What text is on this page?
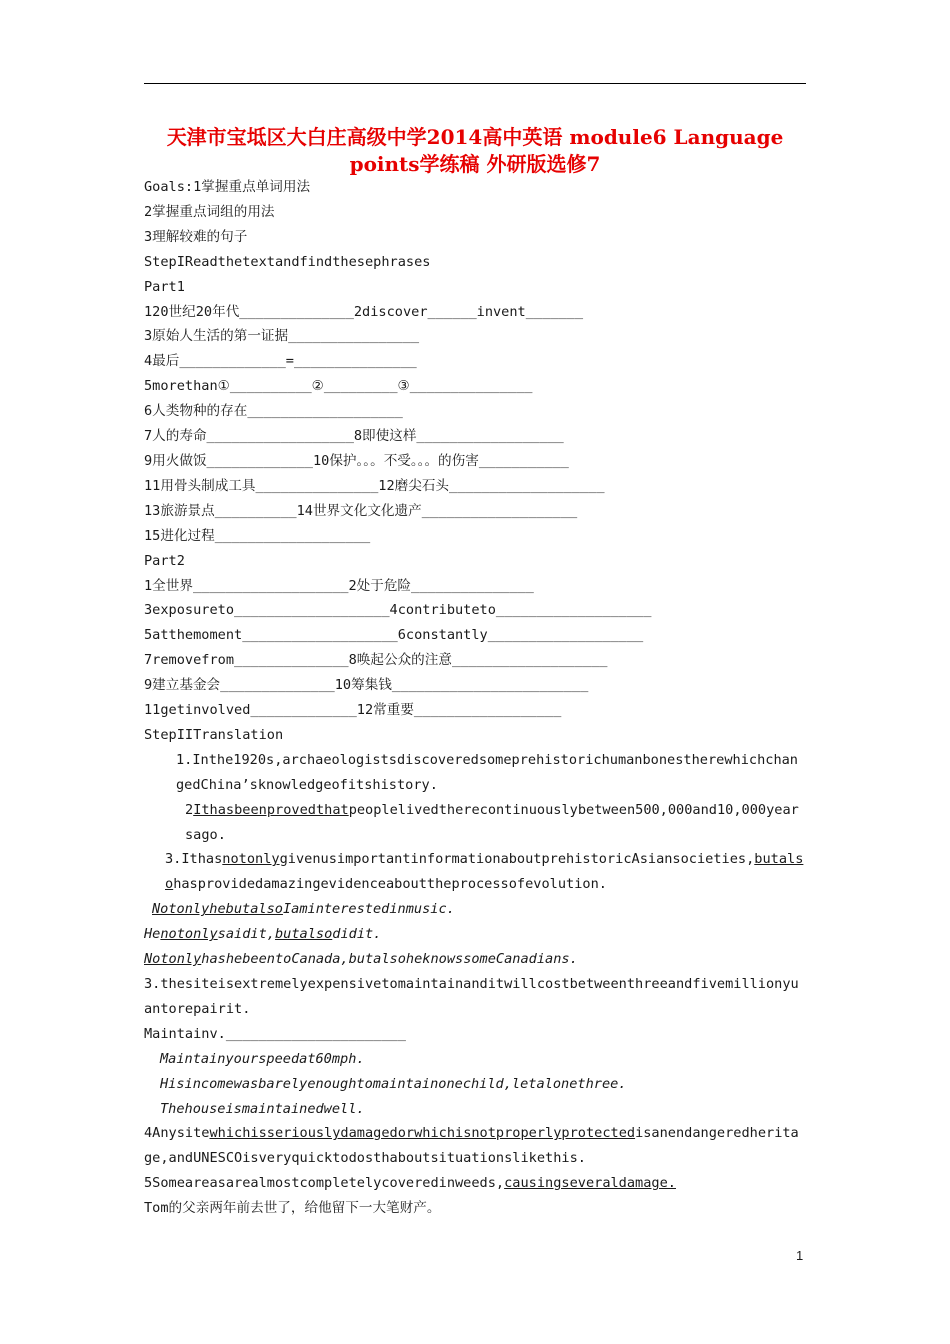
天津市宝坻区大白庄高级中学2014高中英语 module6 Language
points学练稿 外研版选修7
Goals:1掌握重点单词用法
2掌握重点词组的用法
3理解较难的句子
StepIReadthetextandfindthesephrases
Part1
120世纪20年代______________2discover______invent_______
3原始人生活的第一证据________________
4最后_____________=_______________
5morethan①__________②_________③_______________
6人类物种的存在___________________
7人的寿命__________________8即使这样__________________
9用火做饭_____________10保护。。。不受。。。的伤害___________
11用骨头制成工具_______________12磨尖石头___________________
13旅游景点__________14世界文化文化遗产___________________
15进化过程___________________
Part2
1全世界___________________2处于危险_______________
3exposureto___________________4contributeto___________________
5atthemoment___________________6constantly___________________
7removefrom______________8唤起公众的注意___________________
9建立基金会______________10筹集钱________________________
11getinvolved_____________12常重要__________________
StepIITranslation
1.Inthe1920s,archaeologistsdiscoveredsomeprehistorichumanbonestherewhichchangedChina’sknowledgeofitshistory.
2Ithasbeenprovedthatpeoplelivedtherecontinuouslybetween500,000and10,000yearsago.
3.IthasnotonlygivenusimportantinformationaboutprehistoricAsiansocieties,butalsohasprovidedamazingevidenceabouttheprocessofevolution.
NotonlyhebutalsoIaminterestedinmusic.
Henotonlysaidit,butalsodidit.
NotonlyhashebeentoCanada,butalsoheknowssomeCanadians.
3.thesiteisextremelyexpensivetomaintainanditwillcostbetweenthreeandfivemillionyuantorepairit.
Maintainv.______________________
Maintainyourspeedat60mph.
Hisincomewasbarelyenoughtomaintainonechild,letalonethree.
Thehouseismaintainedwell.
4Anysitewhichisseriouslydamagedorwhichisnotproperlyprotectedisanendangeredheritage,andUNESCOisveryquicktodosthaboutsituationslikethis.
5Someareasarealmostcompletelycoveredinweeds,causingseveraldamage.
Tom的父亲两年前去世了，给他留下一大笔财产。
1
